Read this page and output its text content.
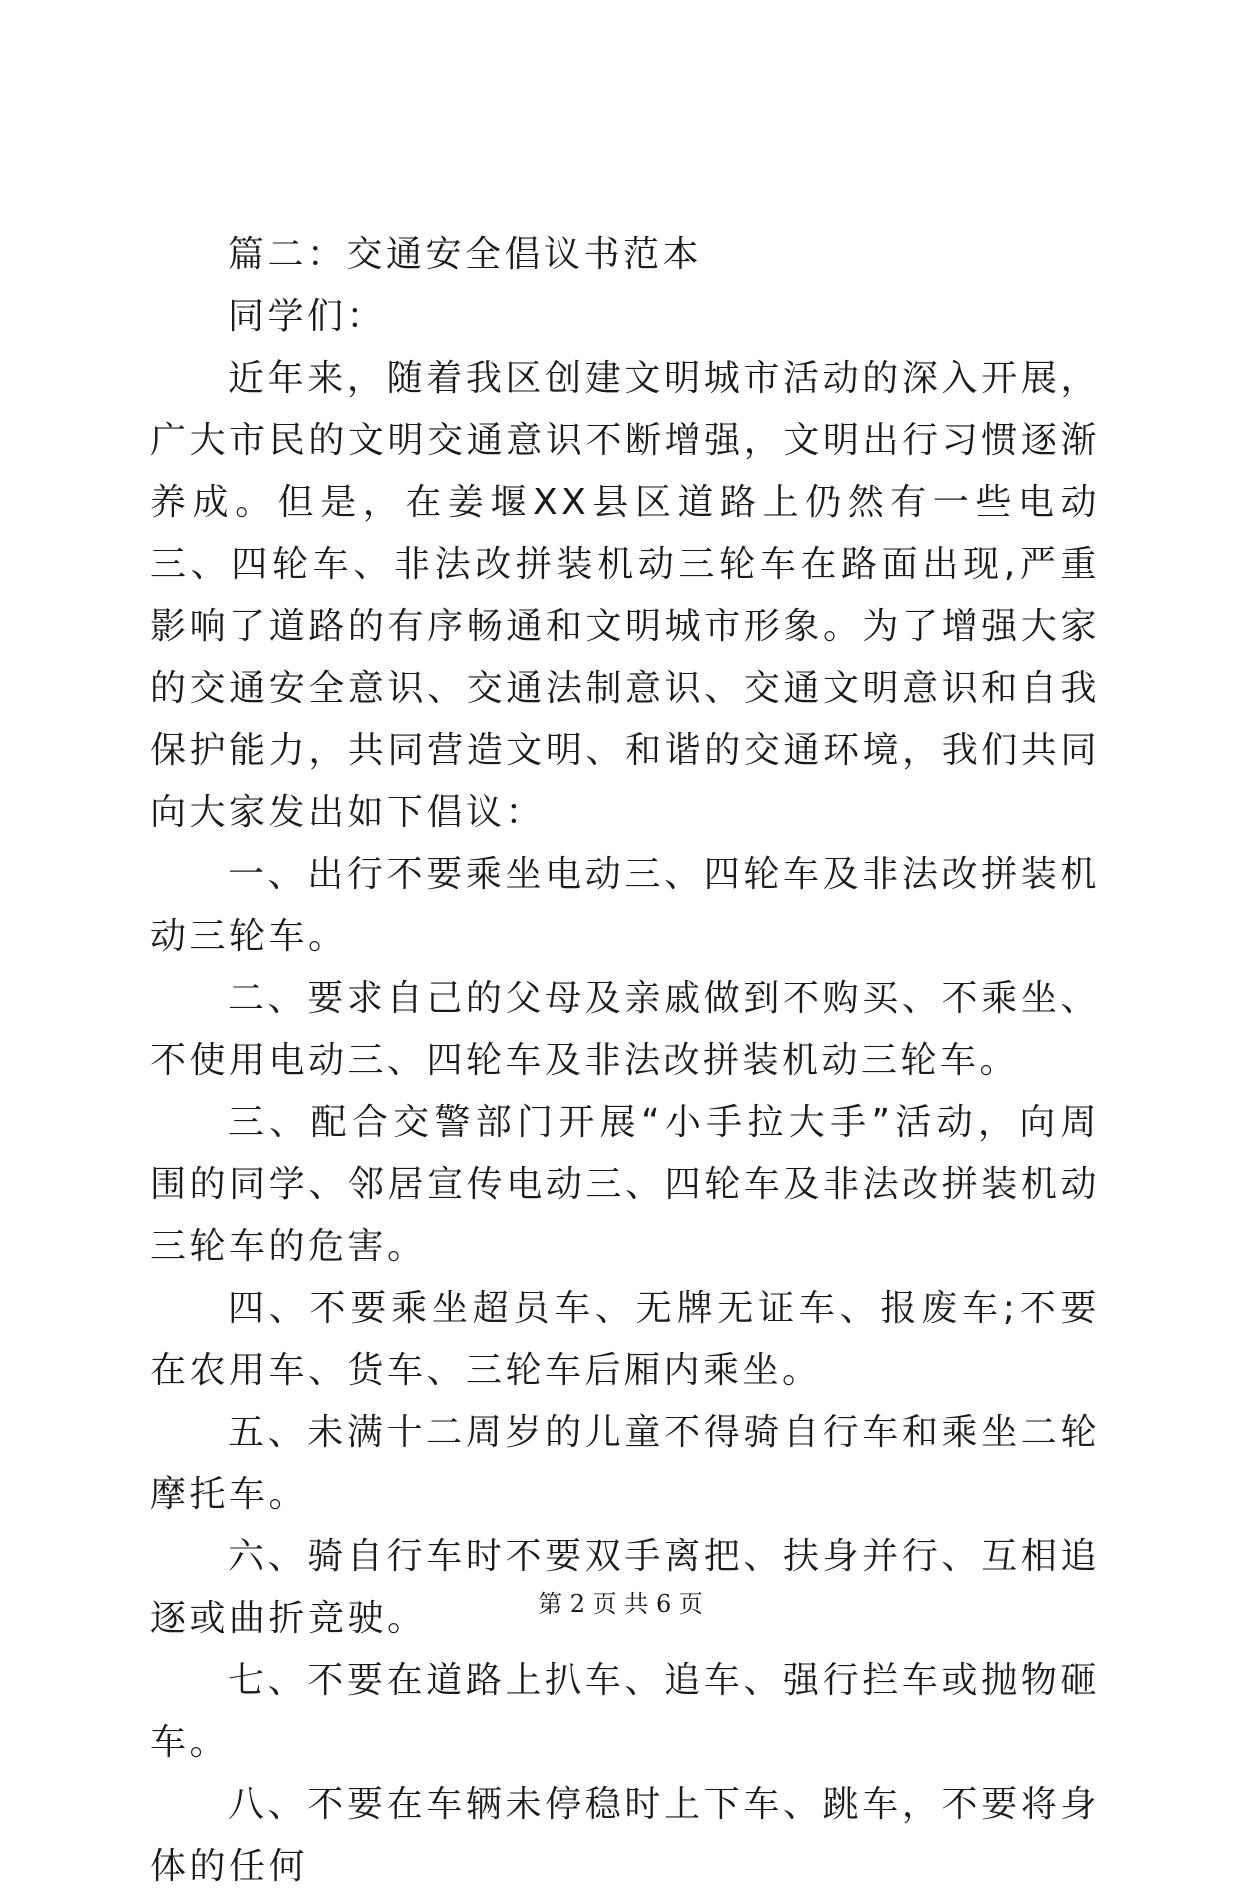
篇二：交通安全倡议书范本

同学们：

近年来，随着我区创建文明城市活动的深入开展，广大市民的文明交通意识不断增强，文明出行习惯逐渐养成。但是，在姜堰XX县区道路上仍然有一些电动三、四轮车、非法改拼装机动三轮车在路面出现,严重影响了道路的有序畅通和文明城市形象。为了增强大家的交通安全意识、交通法制意识、交通文明意识和自我保护能力，共同营造文明、和谐的交通环境，我们共同向大家发出如下倡议：

一、出行不要乘坐电动三、四轮车及非法改拼装机动三轮车。

二、要求自己的父母及亲戚做到不购买、不乘坐、不使用电动三、四轮车及非法改拼装机动三轮车。

三、配合交警部门开展“小手拉大手”活动，向周围的同学、邻居宣传电动三、四轮车及非法改拼装机动三轮车的危害。

四、不要乘坐超员车、无牌无证车、报废车;不要在农用车、货车、三轮车后厢内乘坐。

五、未满十二周岁的儿童不得骑自行车和乘坐二轮摩托车。

六、骑自行车时不要双手离把、扶身并行、互相追逐或曲折竞驶。

七、不要在道路上扒车、追车、强行拦车或抛物砸车。

八、不要在车辆未停稳时上下车、跳车，不要将身体的任何

第 2 页 共 6 页
